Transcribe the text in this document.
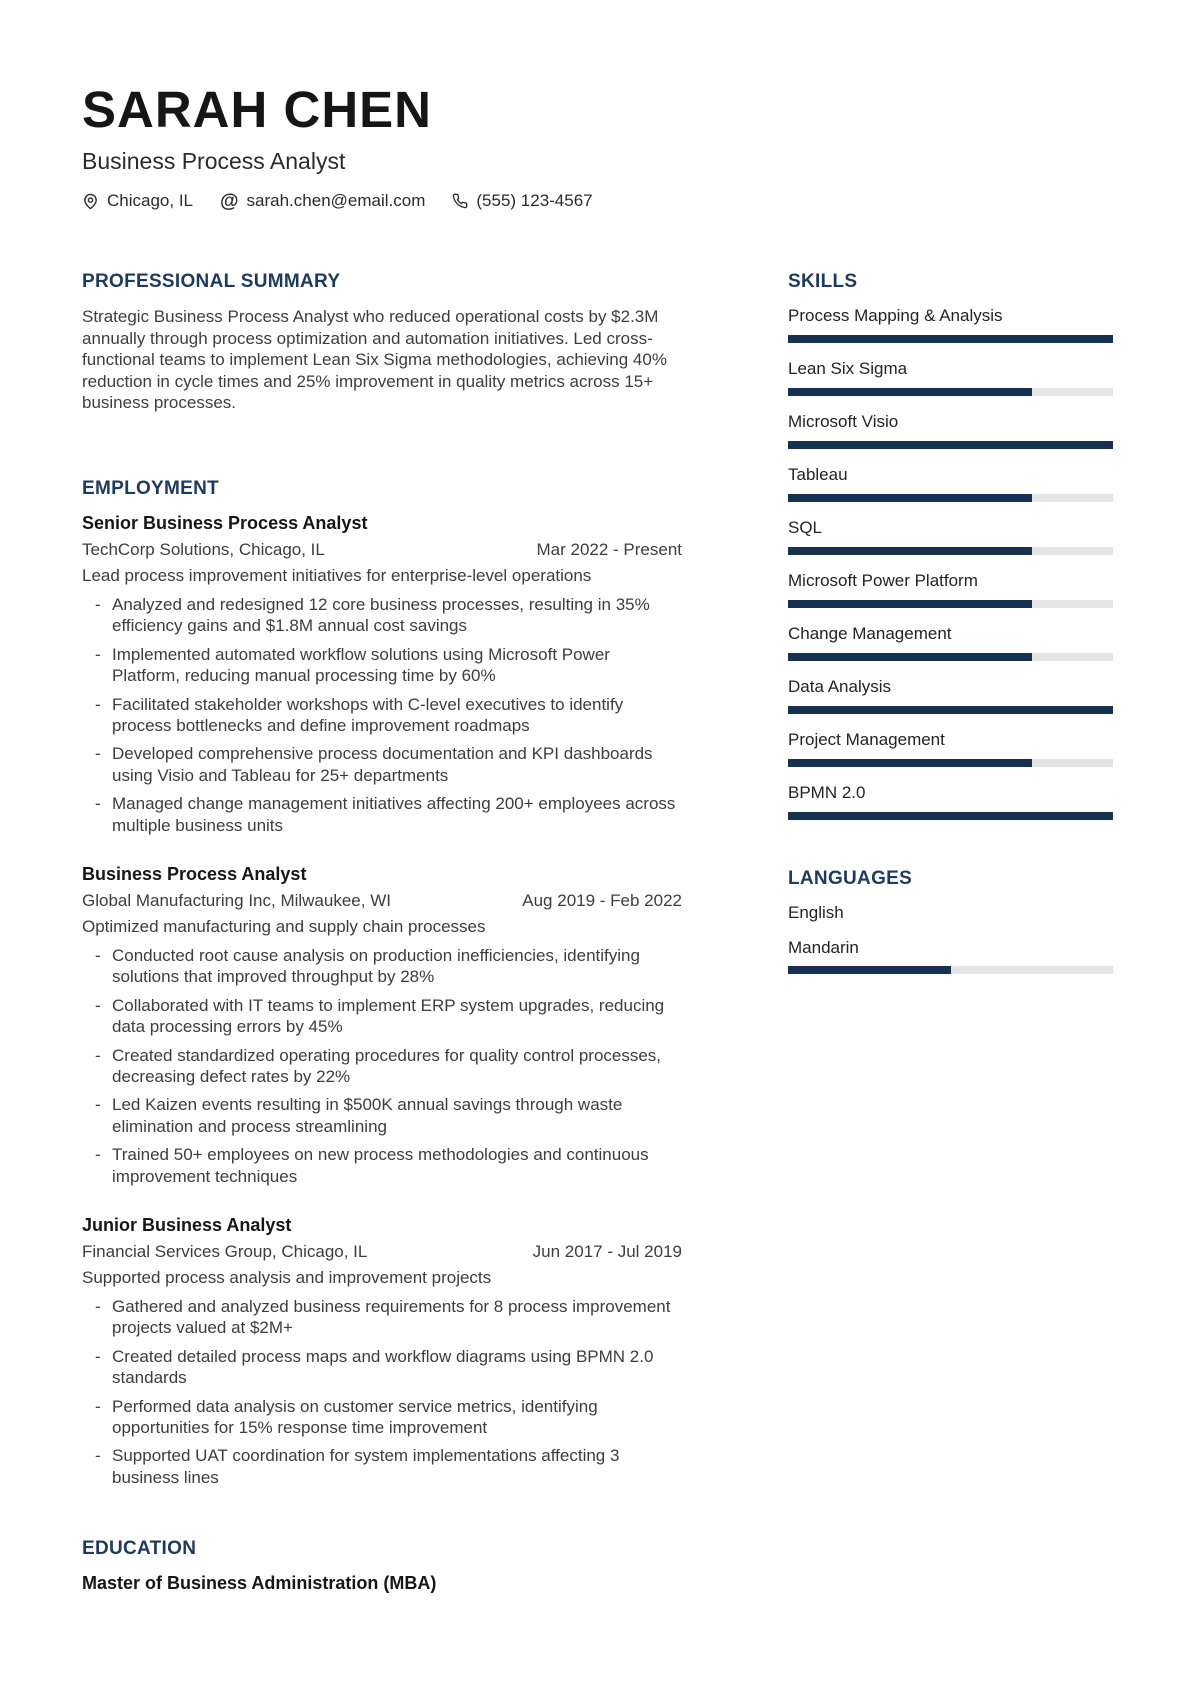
SARAH CHEN
Business Process Analyst
Chicago, IL @ sarah.chen@email.com	(555) 123-4567
PROFESSIONAL SUMMARY

Strategic Business Process Analyst who reduced operational costs by $2.3M annually through process optimization and automation initiatives. Led cross-functional teams to implement Lean Six Sigma methodologies, achieving 40% reduction in cycle times and 25% improvement in quality metrics across 15+ business processes.

EMPLOYMENT
Senior Business Process Analyst
TechCorp Solutions, Chicago, IL	Mar 2022 - Present
Lead process improvement initiatives for enterprise-level operations
- Analyzed and redesigned 12 core business processes, resulting in 35% efficiency gains and $1.8M annual cost savings
- Implemented automated workflow solutions using Microsoft Power Platform, reducing manual processing time by 60%
- Facilitated stakeholder workshops with C-level executives to identify process bottlenecks and define improvement roadmaps
- Developed comprehensive process documentation and KPI dashboards using Visio and Tableau for 25+ departments
- Managed change management initiatives affecting 200+ employees across multiple business units
Business Process Analyst
Global Manufacturing Inc, Milwaukee, WI	Aug 2019 - Feb 2022
Optimized manufacturing and supply chain processes
- Conducted root cause analysis on production inefficiencies, identifying solutions that improved throughput by 28%
- Collaborated with IT teams to implement ERP system upgrades, reducing data processing errors by 45%
- Created standardized operating procedures for quality control processes, decreasing defect rates by 22%
- Led Kaizen events resulting in $500K annual savings through waste elimination and process streamlining
- Trained 50+ employees on new process methodologies and continuous improvement techniques
Junior Business Analyst
Financial Services Group, Chicago, IL	Jun 2017 - Jul 2019
Supported process analysis and improvement projects
- Gathered and analyzed business requirements for 8 process improvement projects valued at $2M+
- Created detailed process maps and workflow diagrams using BPMN 2.0 standards
- Performed data analysis on customer service metrics, identifying opportunities for 15% response time improvement
- Supported UAT coordination for system implementations affecting 3 business lines
EDUCATION
Master of Business Administration (MBA)
SKILLS
Process Mapping & Analysis
Lean Six Sigma
Microsoft Visio
Tableau
SQL
Microsoft Power Platform
Change Management
Data Analysis
Project Management
BPMN 2.0
LANGUAGES
English
Mandarin
